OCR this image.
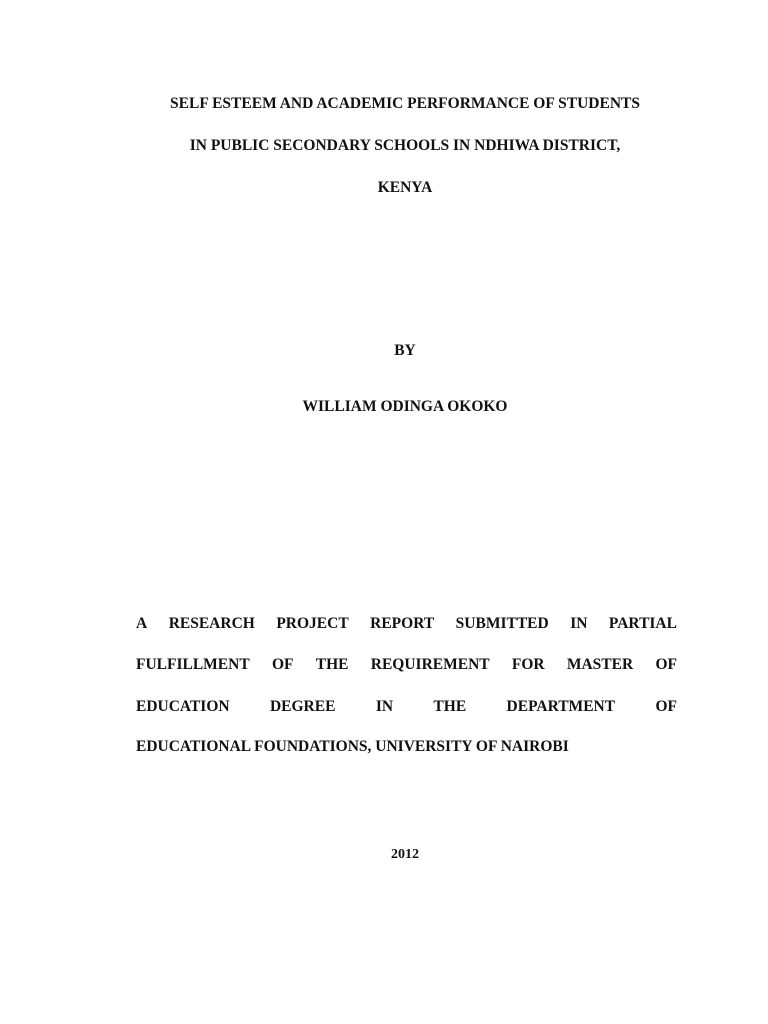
SELF ESTEEM AND ACADEMIC PERFORMANCE OF STUDENTS
IN PUBLIC SECONDARY SCHOOLS IN NDHIWA DISTRICT,
KENYA
BY
WILLIAM ODINGA OKOKO
A RESEARCH PROJECT REPORT SUBMITTED IN PARTIAL
FULFILLMENT OF THE REQUIREMENT FOR MASTER OF
EDUCATION	DEGREE	IN	THE	DEPARTMENT	OF
EDUCATIONAL FOUNDATIONS, UNIVERSITY OF NAIROBI
2012
